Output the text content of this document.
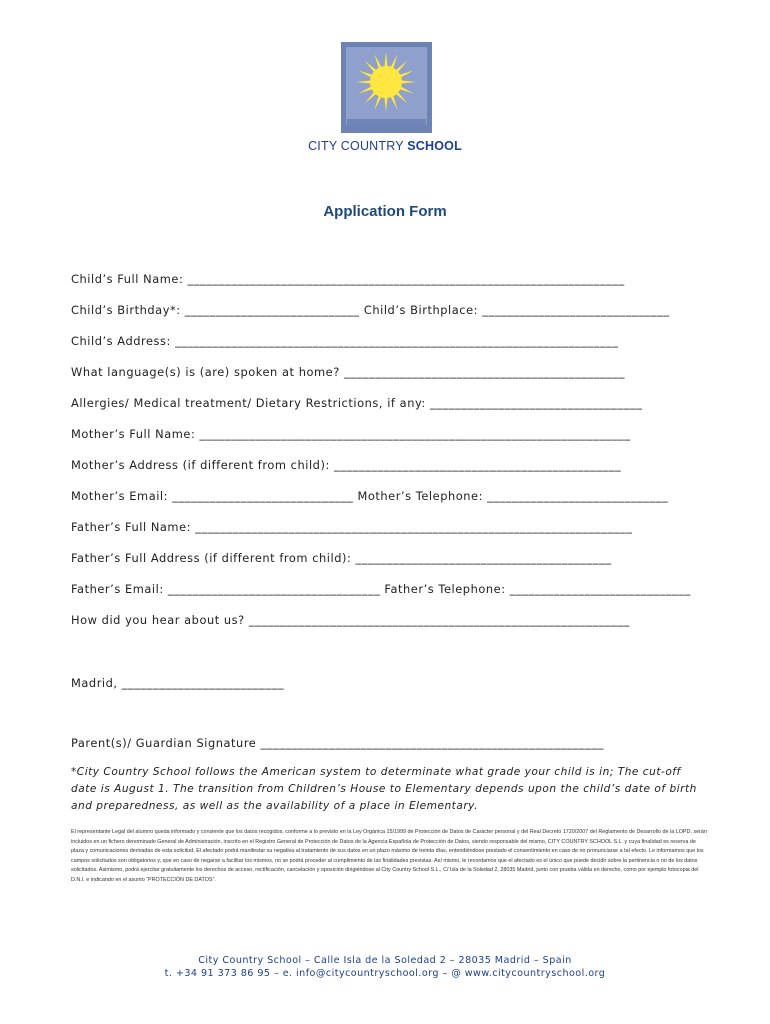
CITY COUNTRY SCHOOL
Application Form
Child’s Full Name: ______________________________________________________________________
Child’s Birthday*: ____________________________ Child’s Birthplace: ______________________________
Child’s Address: _______________________________________________________________________
What language(s) is (are) spoken at home? _____________________________________________
Allergies/ Medical treatment/ Dietary Restrictions, if any: __________________________________
Mother’s Full Name: _____________________________________________________________________
Mother’s Address (if different from child): ______________________________________________
Mother’s Email: _____________________________ Mother’s Telephone: _____________________________
Father’s Full Name: ______________________________________________________________________
Father’s Full Address (if different from child): _________________________________________
Father’s Email: __________________________________ Father’s Telephone: _____________________________
How did you hear about us? _____________________________________________________________
Madrid, __________________________
Parent(s)/ Guardian Signature _______________________________________________________
*City Country School follows the American system to determinate what grade your child is in; The cut-off date is August 1. The transition from Children’s House to Elementary depends upon the child’s date of birth and preparedness, as well as the availability of a place in Elementary.
El representante Legal del alumno queda informado y consiente que los datos recogidos, conforme a lo previsto en la Ley Orgánica 15/1999 de Protección de Datos de Carácter personal y del Real Decreto 1720/2007 del Reglamento de Desarrollo de la LOPD, serán incluidos en un fichero denominado General de Administración, inscrito en el Registro General de Protección de Datos de la Agencia Española de Protección de Datos, siendo responsable del mismo, CITY COUNTRY SCHOOL S.L. y cuya finalidad es reserva de plaza y comunicaciones derivadas de esta solicitud. El afectado podrá manifestar su negativa al tratamiento de sus datos en un plazo máximo de treinta días, entendiéndose prestado el consentimiento en caso de no pronunciarse a tal efecto. Le informamos que los campos solicitados son obligatorios y, que en caso de negarse a facilitar los mismos, no se podrá proceder al cumplimiento de las finalidades previstas. Así mismo, le recordamos que el afectado es el único que puede decidir sobre la pertinencia o no de los datos solicitados. Asimismo, podrá ejercitar gratuitamente los derechos de acceso, rectificación, cancelación y oposición dirigiéndose al City Country School S.L., C/ Isla de la Soledad 2, 28035 Madrid, junto con prueba válida en derecho, como por ejemplo fotocopia del D.N.I. e indicando en el asunto “PROTECCIÓN DE DATOS”.
City Country School – Calle Isla de la Soledad 2 – 28035 Madrid – Spain
t. +34 91 373 86 95 – e. info@citycountryschool.org – @ www.citycountryschool.org
